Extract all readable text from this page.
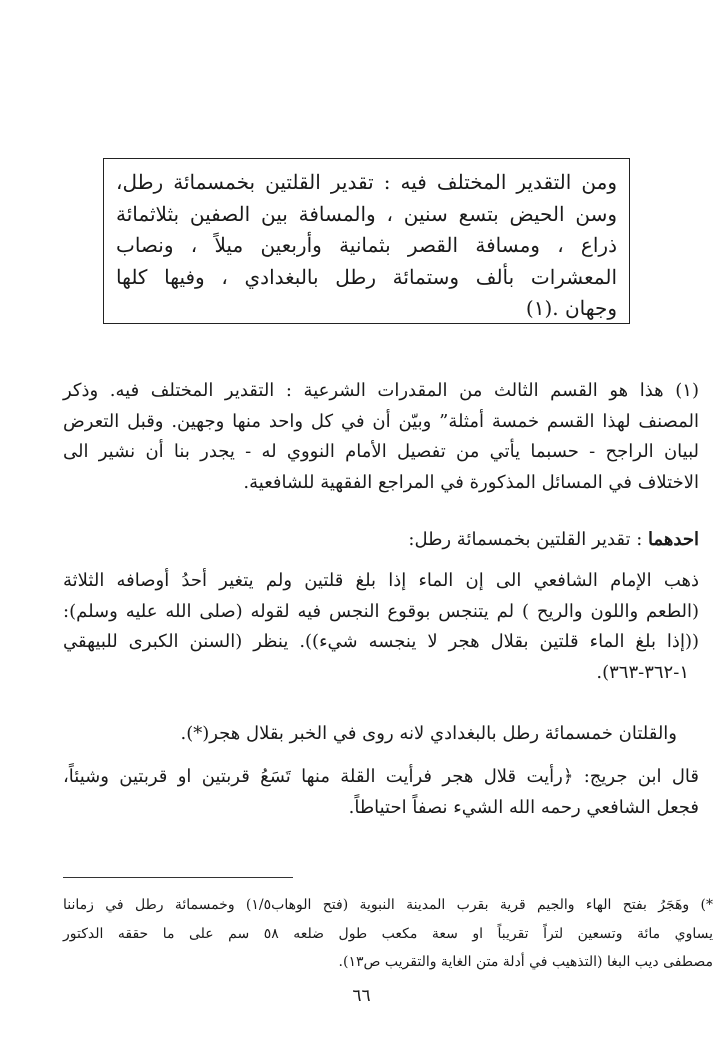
ومن التقدير المختلف فيه : تقدير القلتين بخمسمائة رطل،
وسن الحيض بتسع سنين ، والمسافة بين الصفين بثلاثمائة
ذراع ، ومسافة القصر بثمانية وأربعين ميلاً ، ونصاب
المعشرات بألف وستمائة رطل بالبغدادي ، وفيها كلها
وجهان .(١)
(١) هذا هو القسم الثالث من المقدرات الشرعية : التقدير المختلف فيه. وذكر
المصنف لهذا القسم خمسة أمثلة” وبيّن أن في كل واحد منها وجهين. وقبل التعرض
لبيان الراجح - حسبما يأتي من تفصيل الأمام النووي له - يجدر بنا أن نشير الى
الاختلاف في المسائل المذكورة في المراجع الفقهية للشافعية.
احدهما : تقدير القلتين بخمسمائة رطل:
ذهب الإمام الشافعي الى إن الماء إذا بلغ قلتين ولم يتغير أحدُ أوصافه الثلاثة
(الطعم واللون والريح ) لم يتنجس بوقوع النجس فيه لقوله (صلى الله عليه وسلم):
((إذا بلغ الماء قلتين بقلال هجر لا ينجسه شيء)). ينظر (السنن الكبرى للبيهقي
١-٣٦٢-٣٦٣).
والقلتان خمسمائة رطل بالبغدادي لانه روى في الخبر بقلال هجر(*).
قال ابن جريج: ﴿رأيت قلال هجر فرأيت القلة منها تَسَعُ قربتين او قربتين وشيئاً،
فجعل الشافعي رحمه الله الشيء نصفاً احتياطاً.
*) وهَجَرُ بفتح الهاء والجيم قرية بقرب المدينة النبوية (فتح الوهاب١/٥) وخمسمائة رطل في زماننا
يساوي مائة وتسعين لتراً تقريباً او سعة مكعب طول ضلعه ٥٨ سم على ما حققه الدكتور
مصطفى ديب البغا (التذهيب في أدلة متن الغاية والتقريب ص١٣).
٦٦
